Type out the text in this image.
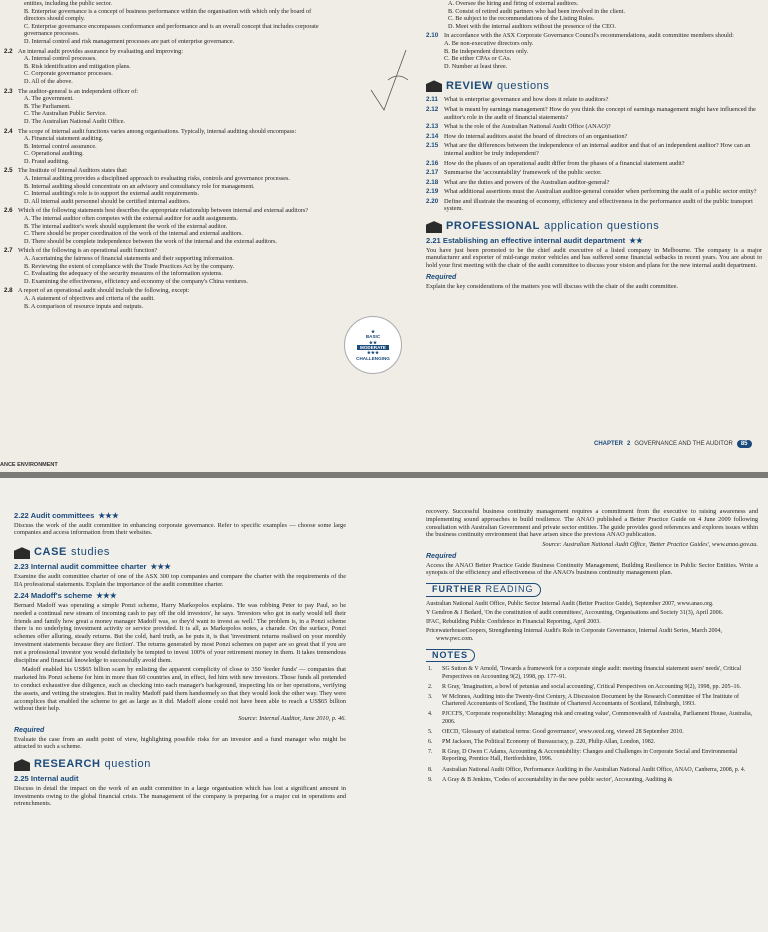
entities, including the public sector.
B. Enterprise governance is a concept of business performance within the organisation with which only the board of directors should comply.
C. Enterprise governance encompasses conformance and performance and is an overall concept that includes corporate governance processes.
D. Internal control and risk management processes are part of enterprise governance.
2.2 An internal audit provides assurance by evaluating and improving:
A. Internal control processes.
B. Risk identification and mitigation plans.
C. Corporate governance processes.
D. All of the above.
2.3 The auditor-general is an independent officer of:
A. The government.
B. The Parliament.
C. The Australian Public Service.
D. The Australian National Audit Office.
2.4 The scope of internal audit functions varies among organisations. Typically, internal auditing should encompass:
A. Financial statement auditing.
B. Internal control assurance.
C. Operational auditing.
D. Fraud auditing.
2.5 The Institute of Internal Auditors states that:
A. Internal auditing provides a disciplined approach to evaluating risks, controls and governance processes.
B. Internal auditing should concentrate on an advisory and consultancy role for management.
C. Internal auditing's role is to support the external audit requirements.
D. All internal audit personnel should be certified internal auditors.
2.6 Which of the following statements best describes the appropriate relationship between internal and external auditors?
A. The internal auditor often competes with the external auditor for audit assignments.
B. The internal auditor's work should supplement the work of the external auditor.
C. There should be proper coordination of the work of the internal and external auditors.
D. There should be complete independence between the work of the internal and the external auditors.
2.7 Which of the following is an operational audit function?
A. Ascertaining the fairness of financial statements and their supporting information.
B. Reviewing the extent of compliance with the Trade Practices Act by the company.
C. Evaluating the adequacy of the security measures of the information systems.
D. Examining the effectiveness, efficiency and economy of the company's China ventures.
2.8 A report of an operational audit should include the following, except:
A. A statement of objectives and criteria of the audit.
B. A comparison of resource inputs and outputs.
ANCE ENVIRONMENT
★
BASIC
★★
MODERATE
★★★
CHALLENGING
A. Oversee the hiring and firing of external auditors.
B. Consist of retired audit partners who had been involved in the client.
C. Be subject to the recommendations of the Listing Rules.
D. Meet with the internal auditors without the presence of the CEO.
2.10 In accordance with the ASX Corporate Governance Council's recommendations, audit committee members should:
A. Be non-executive directors only.
B. Be independent directors only.
C. Be either CPAs or CAs.
D. Number at least three.
REVIEW questions
2.11 What is enterprise governance and how does it relate to auditors?
2.12 What is meant by earnings management? How do you think the concept of earnings management might have influenced the auditor's role in the audit of financial statements?
2.13 What is the role of the Australian National Audit Office (ANAO)?
2.14 How do internal auditors assist the board of directors of an organisation?
2.15 What are the differences between the independence of an internal auditor and that of an independent auditor? How can an internal auditor be truly independent?
2.16 How do the phases of an operational audit differ from the phases of a financial statement audit?
2.17 Summarise the 'accountability' framework of the public sector.
2.18 What are the duties and powers of the Australian auditor-general?
2.19 What additional assertions must the Australian auditor-general consider when performing the audit of a public sector entity?
2.20 Define and illustrate the meaning of economy, efficiency and effectiveness in the performance audit of the public transport system.
PROFESSIONAL application questions
2.21 Establishing an effective internal audit department ★★

You have just been promoted to be the chief audit executive of a listed company in Melbourne. The company is a major manufacturer and exporter of mid-range motor vehicles and has suffered some financial setbacks in recent years. You are about to hold your first meeting with the chair of the audit committee to discuss your vision and plans for the new internal audit department.

Required

Explain the key considerations of the matters you will discuss with the chair of the audit committee.

CHAPTER 2 GOVERNANCE AND THE AUDITOR	85
2.22 Audit committees ★★★

Discuss the work of the audit committee in enhancing corporate governance. Refer to specific examples — choose some large companies and access information from their websites.

CASE studies
2.23 Internal audit committee charter ★★★

Examine the audit committee charter of one of the ASX 300 top companies and compare the charter with the requirements of the IIA professional statements. Explain the importance of the audit committee charter.

2.24 Madoff's scheme ★★★

Bernard Madoff was operating a simple Ponzi scheme, Harry Markopolos explains. 'He was robbing Peter to pay Paul, so he needed a continual new stream of incoming cash to pay off the old investors', he says. 'Investors who got in early would tell their friends and family how great a money manager Madoff was, so they'd want to invest as well.' The problem is, in a Ponzi scheme there is no underlying investment activity or service provided. It is all, as Markopolos notes, a charade. On the surface, Ponzi schemes offer alluring, steady returns. But the cold, hard truth, as he puts it, is that 'investment returns realised on your monthly investment statements because they are fiction'. The returns generated by most Ponzi schemes on paper are so great that if you are not a professional investor you would definitely be tempted to invest 100% of your retirement money in them. It takes tremendous discipline and financial knowledge to successfully avoid them.

Madoff enabled his US$65 billion scam by enlisting the apparent complicity of close to 350 'feeder funds' — companies that marketed his Ponzi scheme for him in more than 60 countries and, in effect, fed him with new investors. Those funds all pretended to conduct exhaustive due diligence, such as checking into each manager's background, inspecting his or her operations, verifying the assets, and vetting the strategies. But in reality Madoff paid them handsomely so that they would look the other way. They were accomplices that enabled the scheme to get as large as it did. Madoff alone could not have been able to reach a US$65 billion without their help.

Source: Internal Auditor, June 2010, p. 46.

Required

Evaluate the case from an audit point of view, highlighting possible risks for an investor and a fund manager who might be attracted to such a scheme.

RESEARCH question
2.25 Internal audit

Discuss in detail the impact on the work of an audit committee in a large organisation which has lost a significant amount in investments owing to the global financial crisis. The management of the company is preparing for a major cut in operations and retrenchments.

recovery. Successful business continuity management requires a commitment from the executive to raising awareness and implementing sound approaches to build resilience. The ANAO published a Better Practice Guide on 4 June 2009 following consultation with Australian Government and private sector entities. The guide provides good references and explores issues within the business continuity environment that have arisen since the previous ANAO publication.

Source: Australian National Audit Office, 'Better Practice Guides', www.anao.gov.au.

Required

Access the ANAO Better Practice Guide Business Continuity Management, Building Resilience in Public Sector Entities. Write a synopsis of the efficiency and effectiveness of the ANAO's business continuity management plan.

FURTHER READING
Australian National Audit Office, Public Sector Internal Audit (Better Practice Guide), September 2007, www.anao.org.
Y Gendron & J Bedard, 'On the constitution of audit committees', Accounting, Organisations and Society 31(3), April 2006.
IFAC, Rebuilding Public Confidence in Financial Reporting, April 2003.
PricewaterhouseCoopers, Strengthening Internal Audit's Role in Corporate Governance, Internal Audit Series, March 2004, www.pwc.com.
NOTES
1. SG Sutton & V Arnold, 'Towards a framework for a corporate single audit: meeting financial statement users' needs', Critical Perspectives on Accounting 9(2), 1998, pp. 177–91.
2. R Gray, 'Imagination, a bowl of petunias and social accounting', Critical Perspectives on Accounting 9(2), 1998, pp. 205–16.
3. W McInnes, Auditing into the Twenty-first Century, A Discussion Document by the Research Committee of The Institute of Chartered Accountants of Scotland, The Institute of Chartered Accountants of Scotland, Edinburgh, 1993.
4. PJCCFS, 'Corporate responsibility: Managing risk and creating value', Commonwealth of Australia, Parliament House, Australia, 2006.
5. OECD, 'Glossary of statistical terms: Good governance', www.oecd.org, viewed 28 September 2010.
6. PM Jackson, The Political Economy of Bureaucracy, p. 220, Philip Allan, London, 1982.
7. R Gray, D Owen C Adams, Accounting & Accountability: Changes and Challenges in Corporate Social and Environmental Reporting, Prentice Hall, Hertfordshire, 1996.
8. Australian National Audit Office, Performance Auditing in the Australian National Audit Office, ANAO, Canberra, 2008, p. 4.
9. A Gray & B Jenkins, 'Codes of accountability in the new public sector', Accounting, Auditing &
